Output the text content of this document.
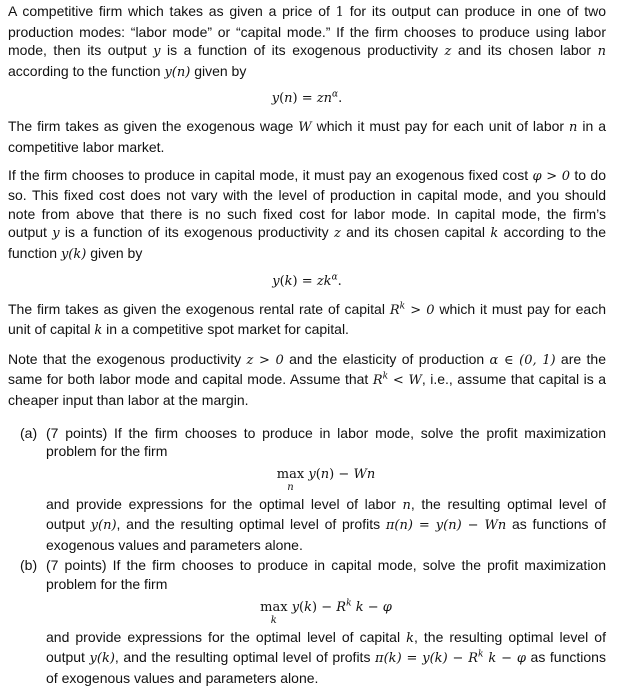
A competitive firm which takes as given a price of 1 for its output can produce in one of two production modes: “labor mode” or “capital mode.” If the firm chooses to produce using labor mode, then its output y is a function of its exogenous productivity z and its chosen labor n according to the function y(n) given by

$y(n) = zn^\alpha$.

The firm takes as given the exogenous wage W which it must pay for each unit of labor n in a competitive labor market.

If the firm chooses to produce in capital mode, it must pay an exogenous fixed cost φ > 0 to do so. This fixed cost does not vary with the level of production in capital mode, and you should note from above that there is no such fixed cost for labor mode. In capital mode, the firm’s output y is a function of its exogenous productivity z and its chosen capital k according to the function y(k) given by

$y(k) = zk^\alpha$.

The firm takes as given the exogenous rental rate of capital $R^k > 0$ which it must pay for each unit of capital k in a competitive spot market for capital.

Note that the exogenous productivity z > 0 and the elasticity of production α ∈ (0, 1) are the same for both labor mode and capital mode. Assume that $R^k < W$, i.e., assume that capital is a cheaper input than labor at the margin.

(a) (7 points) If the firm chooses to produce in labor mode, solve the profit maximization problem for the firm
max
n
y(n) − Wn
and provide expressions for the optimal level of labor n, the resulting optimal level of output y(n), and the resulting optimal level of profits π(n) = y(n) − Wn as functions of exogenous values and parameters alone.
(b) (7 points) If the firm chooses to produce in capital mode, solve the profit maximization problem for the firm
max
k
$y(k) - R^k$ k − φ
and provide expressions for the optimal level of capital k, the resulting optimal level of output y(k), and the resulting optimal level of profits $\pi(k) = y(k) - R^k$ k − φ as functions of exogenous values and parameters alone.
